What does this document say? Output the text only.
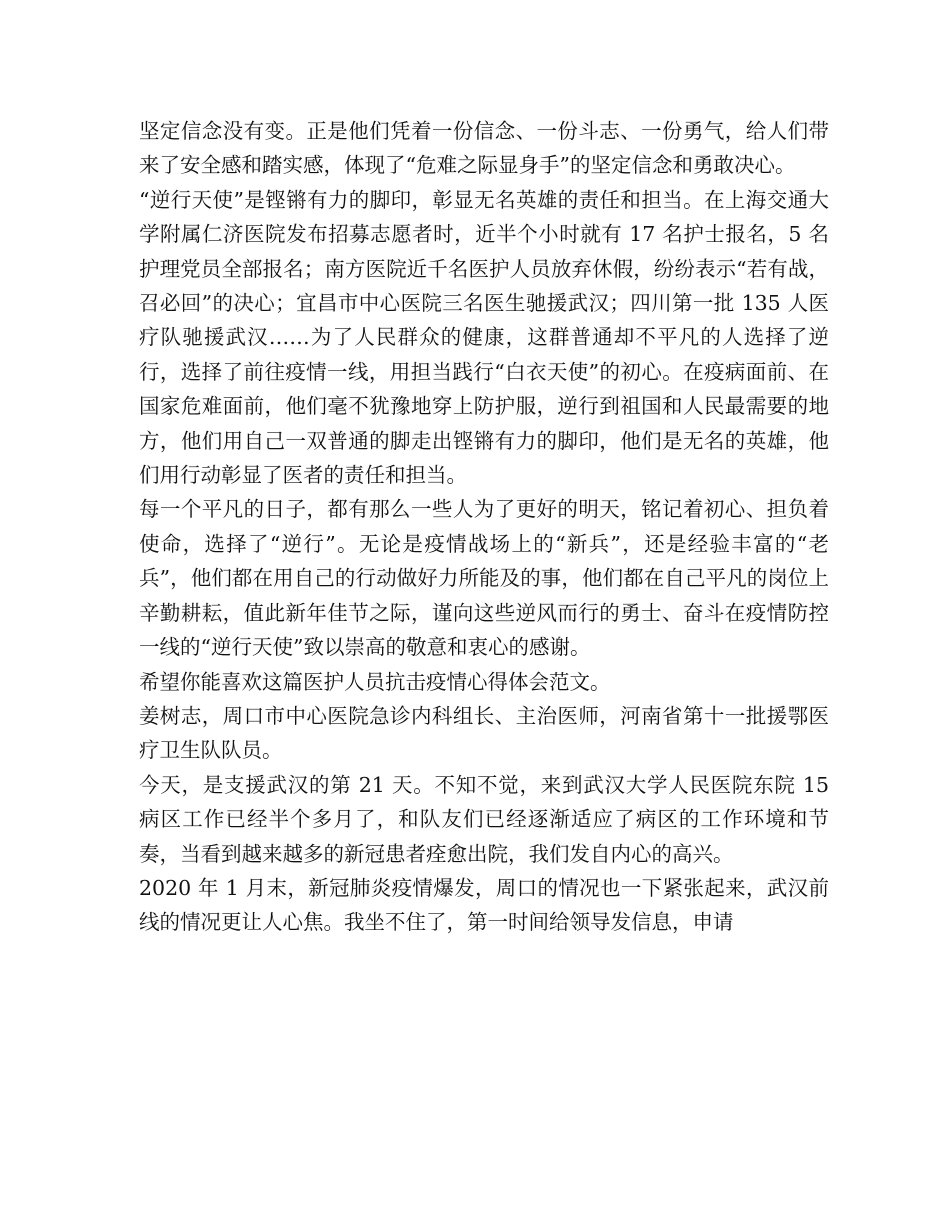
坚定信念没有变。正是他们凭着一份信念、一份斗志、一份勇气，给人们带来了安全感和踏实感，体现了“危难之际显身手”的坚定信念和勇敢决心。

“逆行天使”是铿锵有力的脚印，彰显无名英雄的责任和担当。在上海交通大学附属仁济医院发布招募志愿者时，近半个小时就有 17 名护士报名，5 名护理党员全部报名；南方医院近千名医护人员放弃休假，纷纷表示“若有战，召必回”的决心；宜昌市中心医院三名医生驰援武汉；四川第一批 135 人医疗队驰援武汉……为了人民群众的健康，这群普通却不平凡的人选择了逆行，选择了前往疫情一线，用担当践行“白衣天使”的初心。在疫病面前、在国家危难面前，他们毫不犹豫地穿上防护服，逆行到祖国和人民最需要的地方，他们用自己一双普通的脚走出铿锵有力的脚印，他们是无名的英雄，他们用行动彰显了医者的责任和担当。

每一个平凡的日子，都有那么一些人为了更好的明天，铭记着初心、担负着使命，选择了“逆行”。无论是疫情战场上的“新兵”，还是经验丰富的“老兵”，他们都在用自己的行动做好力所能及的事，他们都在自己平凡的岗位上辛勤耕耘，值此新年佳节之际，谨向这些逆风而行的勇士、奋斗在疫情防控一线的“逆行天使”致以崇高的敬意和衷心的感谢。

希望你能喜欢这篇医护人员抗击疫情心得体会范文。

姜树志，周口市中心医院急诊内科组长、主治医师，河南省第十一批援鄂医疗卫生队队员。

今天，是支援武汉的第 21 天。不知不觉，来到武汉大学人民医院东院 15 病区工作已经半个多月了，和队友们已经逐渐适应了病区的工作环境和节奏，当看到越来越多的新冠患者痊愈出院，我们发自内心的高兴。

2020 年 1 月末，新冠肺炎疫情爆发，周口的情况也一下紧张起来，武汉前线的情况更让人心焦。我坐不住了，第一时间给领导发信息，申请
